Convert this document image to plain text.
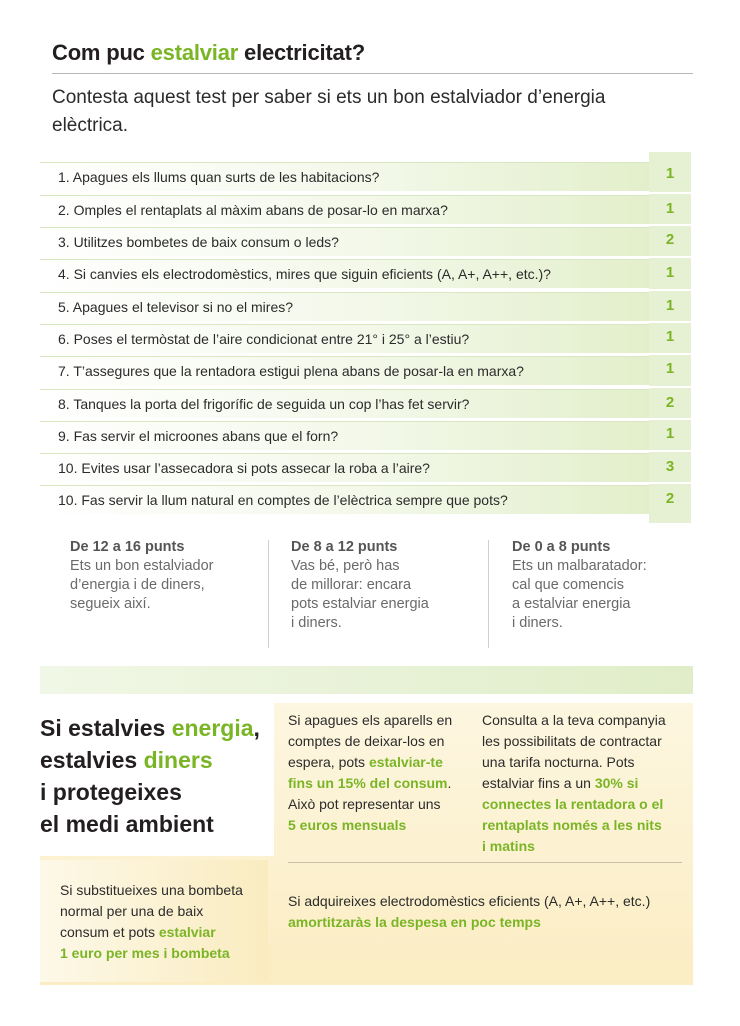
Com puc estalviar electricitat?
Contesta aquest test per saber si ets un bon estalviador d’energia elèctrica.
1. Apagues els llums quan surts de les habitacions?
2. Omples el rentaplats al màxim abans de posar-lo en marxa?
3. Utilitzes bombetes de baix consum o leds?
4. Si canvies els electrodomèstics, mires que siguin eficients (A, A+, A++, etc.)?
5. Apagues el televisor si no el mires?
6. Poses el termòstat de l’aire condicionat entre 21° i 25° a l’estiu?
7. T’assegures que la rentadora estigui plena abans de posar-la en marxa?
8. Tanques la porta del frigorífic de seguida un cop l’has fet servir?
9. Fas servir el microones abans que el forn?
10. Evites usar l’assecadora si pots assecar la roba a l’aire?
10. Fas servir la llum natural en comptes de l’elèctrica sempre que pots?
1
1
2
1
1
1
1
2
1
3
2
De 12 a 16 punts
Ets un bon estalviador
d’energia i de diners,
segueix així.
De 8 a 12 punts
Vas bé, però has
de millorar: encara
pots estalviar energia
i diners.
De 0 a 8 punts
Ets un malbaratador:
cal que comencis
a estalviar energia
i diners.
Si estalvies energia,
estalvies diners
i protegeixes
el medi ambient
Si apagues els aparells en
comptes de deixar-los en
espera, pots estalviar-te
fins un 15% del consum.
Això pot representar uns
5 euros mensuals
Consulta a la teva companyia
les possibilitats de contractar
una tarifa nocturna. Pots
estalviar fins a un 30% si
connectes la rentadora o el
rentaplats només a les nits
i matins
Si substitueixes una bombeta
normal per una de baix
consum et pots estalviar
1 euro per mes i bombeta
Si adquireixes electrodomèstics eficients (A, A+, A++, etc.)
amortitzaràs la despesa en poc temps
